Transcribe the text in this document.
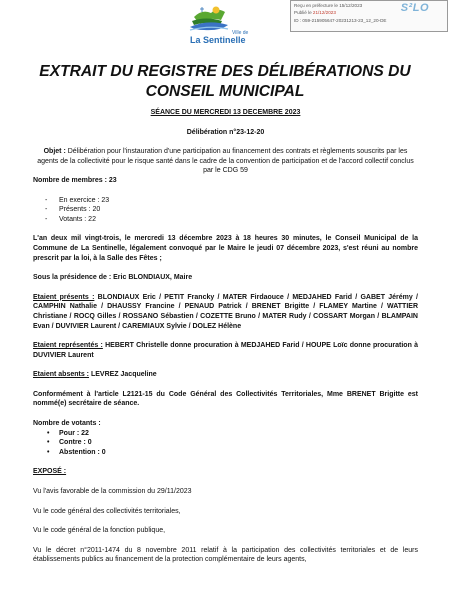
Ville de
La Sentinelle
Reçu en préfecture le 15/12/2023
Publié le 21/12/2023
ID : 059-215905647-20231213-23_12_20-DE
S²LO
EXTRAIT DU REGISTRE DES DÉLIBÉRATIONS DU CONSEIL MUNICIPAL

SÉANCE DU MERCREDI 13 DECEMBRE 2023

Délibération n°23-12-20

Objet : Délibération pour l'instauration d'une participation au financement des contrats et règlements souscrits par les agents de la collectivité pour le risque santé dans le cadre de la convention de participation et de l'accord collectif conclus par le CDG 59

Nombre de membres : 23

- En exercice : 23
- Présents : 20
- Votants : 22

L'an deux mil vingt-trois, le mercredi 13 décembre 2023 à 18 heures 30 minutes, le Conseil Municipal de la Commune de La Sentinelle, légalement convoqué par le Maire le jeudi 07 décembre 2023, s'est réuni au nombre prescrit par la loi, à la Salle des Fêtes ;

Sous la présidence de : Eric BLONDIAUX, Maire

Etaient présents : BLONDIAUX Eric / PETIT Francky / MATER Firdaouce / MEDJAHED Farid / GABET Jérémy / CAMPHIN Nathalie / DHAUSSY Francine / PENAUD Patrick / BRENET Brigitte / FLAMEY Martine / WATTIER Christiane / ROCQ Gilles / ROSSANO Sébastien / COZETTE Bruno / MATER Rudy / COSSART Morgan / BLAMPAIN Evan / DUVIVIER Laurent / CAREMIAUX Sylvie / DOLEZ Hélène

Etaient représentés : HEBERT Christelle donne procuration à MEDJAHED Farid / HOUPE Loïc donne procuration à DUVIVIER Laurent

Etaient absents : LEVREZ Jacqueline

Conformément à l'article L2121-15 du Code Général des Collectivités Territoriales, Mme BRENET Brigitte est nommé(e) secrétaire de séance.

Nombre de votants :

• Pour : 22
• Contre : 0
• Abstention : 0

EXPOSÉ :

Vu l'avis favorable de la commission du 29/11/2023

Vu le code général des collectivités territoriales,

Vu le code général de la fonction publique,

Vu le décret n°2011-1474 du 8 novembre 2011 relatif à la participation des collectivités territoriales et de leurs établissements publics au financement de la protection complémentaire de leurs agents,
